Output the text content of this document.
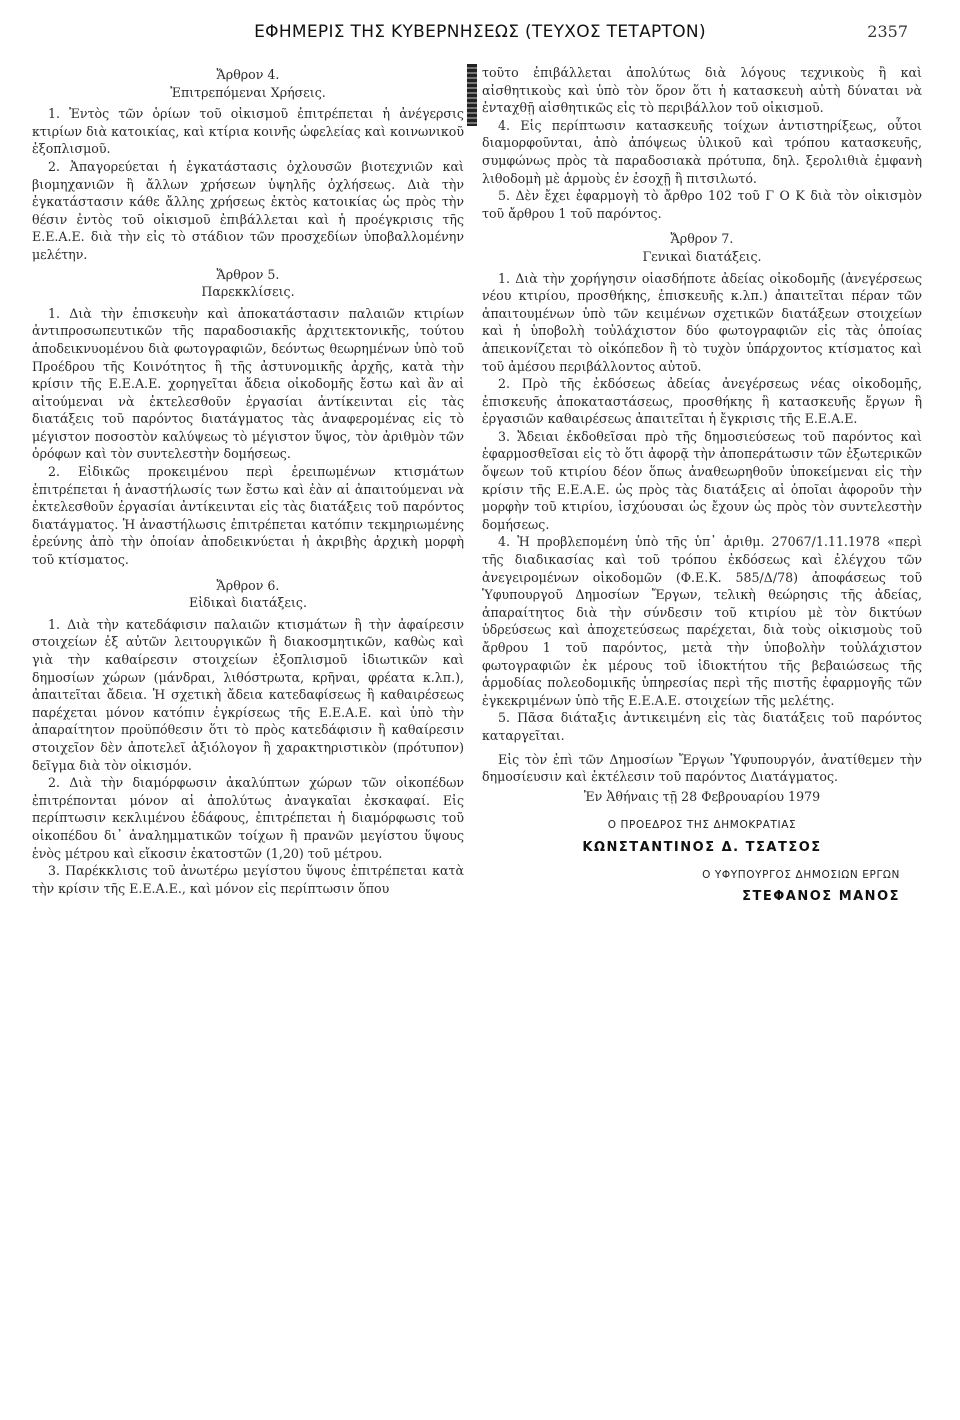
ΕΦΗΜΕΡΙΣ ΤΗΣ ΚΥΒΕΡΝΗΣΕΩΣ (ΤΕΥΧΟΣ ΤΕΤΑΡΤΟΝ)	2357

Ἄρθρον 4.

Ἐπιτρεπόμεναι Χρήσεις.

1. Ἐντὸς τῶν ὁρίων τοῦ οἰκισμοῦ ἐπιτρέπεται ἡ ἀνέγερσις κτιρίων διὰ κατοικίας, καὶ κτίρια κοινῆς ὠφελείας καὶ κοινωνικοῦ ἐξοπλισμοῦ.

2. Ἀπαγορεύεται ἡ ἐγκατάστασις ὀχλουσῶν βιοτεχνιῶν καὶ βιομηχανιῶν ἢ ἄλλων χρήσεων ὑψηλῆς ὀχλήσεως. Διὰ τὴν ἐγκατάστασιν κάθε ἄλλης χρήσεως ἐκτὸς κατοικίας ὡς πρὸς τὴν θέσιν ἐντὸς τοῦ οἰκισμοῦ ἐπιβάλλεται καὶ ἡ προέγκρισις τῆς Ε.Ε.Α.Ε. διὰ τὴν εἰς τὸ στάδιον τῶν προσχεδίων ὑποβαλλομένην μελέτην.

Ἄρθρον 5.

Παρεκκλίσεις.

1. Διὰ τὴν ἐπισκευὴν καὶ ἀποκατάστασιν παλαιῶν κτιρίων ἀντιπροσωπευτικῶν τῆς παραδοσιακῆς ἀρχιτεκτονικῆς, τούτου ἀποδεικνυομένου διὰ φωτογραφιῶν, δεόντως θεωρημένων ὑπὸ τοῦ Προέδρου τῆς Κοινότητος ἢ τῆς ἀστυνομικῆς ἀρχῆς, κατὰ τὴν κρίσιν τῆς Ε.Ε.Α.Ε. χορηγεῖται ἄδεια οἰκοδομῆς ἔστω καὶ ἂν αἱ αἰτούμεναι νὰ ἐκτελεσθοῦν ἐργασίαι ἀντίκεινται εἰς τὰς διατάξεις τοῦ παρόντος διατάγματος τὰς ἀναφερομένας εἰς τὸ μέγιστον ποσοστὸν καλύψεως τὸ μέγιστον ὕψος, τὸν ἀριθμὸν τῶν ὀρόφων καὶ τὸν συντελεστὴν δομήσεως.

2. Εἰδικῶς προκειμένου περὶ ἐρειπωμένων κτισμάτων ἐπιτρέπεται ἡ ἀναστήλωσίς των ἔστω καὶ ἐὰν αἱ ἀπαιτούμεναι νὰ ἐκτελεσθοῦν ἐργασίαι ἀντίκεινται εἰς τὰς διατάξεις τοῦ παρόντος διατάγματος. Ἡ ἀναστήλωσις ἐπιτρέπεται κατόπιν τεκμηριωμένης ἐρεύνης ἀπὸ τὴν ὁποίαν ἀποδεικνύεται ἡ ἀκριβὴς ἀρχικὴ μορφὴ τοῦ κτίσματος.

Ἄρθρον 6.

Εἰδικαὶ διατάξεις.

1. Διὰ τὴν κατεδάφισιν παλαιῶν κτισμάτων ἢ τὴν ἀφαίρεσιν στοιχείων ἐξ αὐτῶν λειτουργικῶν ἢ διακοσμητικῶν, καθὼς καὶ γιὰ τὴν καθαίρεσιν στοιχείων ἐξοπλισμοῦ ἰδιωτικῶν καὶ δημοσίων χώρων (μάνδραι, λιθόστρωτα, κρῆναι, φρέατα κ.λπ.), ἀπαιτεῖται ἄδεια. Ἡ σχετικὴ ἄδεια κατεδαφίσεως ἢ καθαιρέσεως παρέχεται μόνον κατόπιν ἐγκρίσεως τῆς Ε.Ε.Α.Ε. καὶ ὑπὸ τὴν ἀπαραίτητον προϋπόθεσιν ὅτι τὸ πρὸς κατεδάφισιν ἢ καθαίρεσιν στοιχεῖον δὲν ἀποτελεῖ ἀξιόλογον ἢ χαρακτηριστικὸν (πρότυπον) δεῖγμα διὰ τὸν οἰκισμόν.

2. Διὰ τὴν διαμόρφωσιν ἀκαλύπτων χώρων τῶν οἰκοπέδων ἐπιτρέπονται μόνον αἱ ἀπολύτως ἀναγκαῖαι ἐκσκαφαί. Εἰς περίπτωσιν κεκλιμένου ἐδάφους, ἐπιτρέπεται ἡ διαμόρφωσις τοῦ οἰκοπέδου δι᾿ ἀναλημματικῶν τοίχων ἢ πρανῶν μεγίστου ὕψους ἑνὸς μέτρου καὶ εἴκοσιν ἑκατοστῶν (1,20) τοῦ μέτρου.

3. Παρέκκλισις τοῦ ἀνωτέρω μεγίστου ὕψους ἐπιτρέπεται κατὰ τὴν κρίσιν τῆς Ε.Ε.Α.Ε., καὶ μόνον εἰς περίπτωσιν ὅπου

τοῦτο ἐπιβάλλεται ἀπολύτως διὰ λόγους τεχνικοὺς ἢ καὶ αἰσθητικοὺς καὶ ὑπὸ τὸν ὅρον ὅτι ἡ κατασκευὴ αὐτὴ δύναται νὰ ἐνταχθῇ αἰσθητικῶς εἰς τὸ περιβάλλον τοῦ οἰκισμοῦ.

4. Εἰς περίπτωσιν κατασκευῆς τοίχων ἀντιστηρίξεως, οὗτοι διαμορφοῦνται, ἀπὸ ἀπόψεως ὑλικοῦ καὶ τρόπου κατασκευῆς, συμφώνως πρὸς τὰ παραδοσιακὰ πρότυπα, δηλ. ξερολιθιὰ ἐμφανὴ λιθοδομὴ μὲ ἁρμοὺς ἐν ἐσοχῇ ἢ πιτσιλωτό.

5. Δὲν ἔχει ἐφαρμογὴ τὸ ἄρθρο 102 τοῦ Γ Ο Κ διὰ τὸν οἰκισμὸν τοῦ ἄρθρου 1 τοῦ παρόντος.

Ἄρθρον 7.

Γενικαὶ διατάξεις.

1. Διὰ τὴν χορήγησιν οἱασδήποτε ἀδείας οἰκοδομῆς (ἀνεγέρσεως νέου κτιρίου, προσθήκης, ἐπισκευῆς κ.λπ.) ἀπαιτεῖται πέραν τῶν ἀπαιτουμένων ὑπὸ τῶν κειμένων σχετικῶν διατάξεων στοιχείων καὶ ἡ ὑποβολὴ τοὐλάχιστον δύο φωτογραφιῶν εἰς τὰς ὁποίας ἀπεικονίζεται τὸ οἰκόπεδον ἢ τὸ τυχὸν ὑπάρχοντος κτίσματος καὶ τοῦ ἀμέσου περιβάλλοντος αὐτοῦ.

2. Πρὸ τῆς ἐκδόσεως ἀδείας ἀνεγέρσεως νέας οἰκοδομῆς, ἐπισκευῆς ἀποκαταστάσεως, προσθήκης ἢ κατασκευῆς ἔργων ἢ ἐργασιῶν καθαιρέσεως ἀπαιτεῖται ἡ ἔγκρισις τῆς Ε.Ε.Α.Ε.

3. Ἄδειαι ἐκδοθεῖσαι πρὸ τῆς δημοσιεύσεως τοῦ παρόντος καὶ ἐφαρμοσθεῖσαι εἰς τὸ ὅτι ἀφορᾷ τὴν ἀποπεράτωσιν τῶν ἐξωτερικῶν ὄψεων τοῦ κτιρίου δέον ὅπως ἀναθεωρηθοῦν ὑποκείμεναι εἰς τὴν κρίσιν τῆς Ε.Ε.Α.Ε. ὡς πρὸς τὰς διατάξεις αἱ ὁποῖαι ἀφοροῦν τὴν μορφὴν τοῦ κτιρίου, ἰσχύουσαι ὡς ἔχουν ὡς πρὸς τὸν συντελεστὴν δομήσεως.

4. Ἡ προβλεπομένη ὑπὸ τῆς ὑπ᾿ ἀριθμ. 27067/1.11.1978 «περὶ τῆς διαδικασίας καὶ τοῦ τρόπου ἐκδόσεως καὶ ἐλέγχου τῶν ἀνεγειρομένων οἰκοδομῶν (Φ.Ε.Κ. 585/Δ/78) ἀποφάσεως τοῦ Ὑφυπουργοῦ Δημοσίων Ἔργων, τελικὴ θεώρησις τῆς ἀδείας, ἀπαραίτητος διὰ τὴν σύνδεσιν τοῦ κτιρίου μὲ τὸν δικτύων ὑδρεύσεως καὶ ἀποχετεύσεως παρέχεται, διὰ τοὺς οἰκισμοὺς τοῦ ἄρθρου 1 τοῦ παρόντος, μετὰ τὴν ὑποβολὴν τοὐλάχιστον φωτογραφιῶν ἐκ μέρους τοῦ ἰδιοκτήτου τῆς βεβαιώσεως τῆς ἁρμοδίας πολεοδομικῆς ὑπηρεσίας περὶ τῆς πιστῆς ἐφαρμογῆς τῶν ἐγκεκριμένων ὑπὸ τῆς Ε.Ε.Α.Ε. στοιχείων τῆς μελέτης.

5. Πᾶσα διάταξις ἀντικειμένη εἰς τὰς διατάξεις τοῦ παρόντος καταργεῖται.

Εἰς τὸν ἐπὶ τῶν Δημοσίων Ἔργων Ὑφυπουργόν, ἀνατίθεμεν τὴν δημοσίευσιν καὶ ἐκτέλεσιν τοῦ παρόντος Διατάγματος.

Ἐν Ἀθήναις τῇ 28 Φεβρουαρίου 1979

Ο ΠΡΟΕΔΡΟΣ ΤΗΣ ΔΗΜΟΚΡΑΤΙΑΣ
ΚΩΝΣΤΑΝΤΙΝΟΣ Δ. ΤΣΑΤΣΟΣ
Ο ΥΦΥΠΟΥΡΓΟΣ ΔΗΜΟΣΙΩΝ ΕΡΓΩΝ
ΣΤΕΦΑΝΟΣ ΜΑΝΟΣ
